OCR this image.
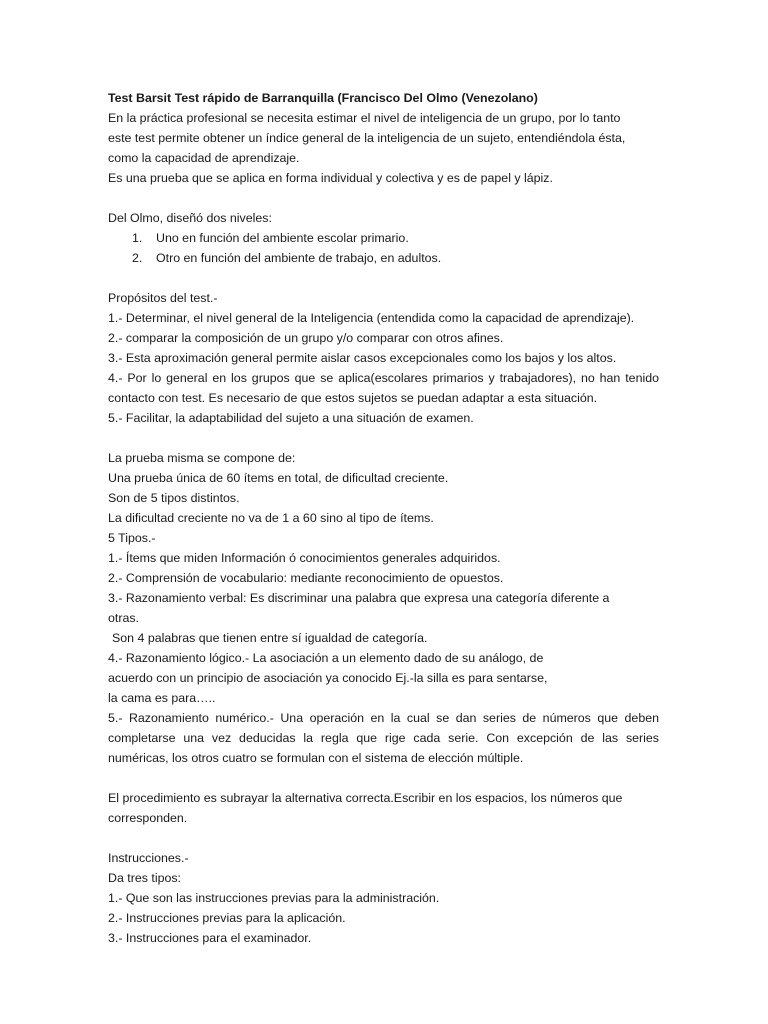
Test Barsit Test rápido de Barranquilla (Francisco Del Olmo (Venezolano)

En la práctica profesional se necesita estimar el nivel de inteligencia de un grupo, por lo tanto

este test permite obtener un índice general de la inteligencia de un sujeto, entendiéndola ésta,

como la capacidad de aprendizaje.

Es una prueba que se aplica en forma individual y colectiva y es de papel y lápiz.

Del Olmo, diseñó dos niveles:

1. Uno en función del ambiente escolar primario.
2. Otro en función del ambiente de trabajo, en adultos.

Propósitos del test.-

1.- Determinar, el nivel general de la Inteligencia (entendida como la capacidad de aprendizaje).

2.- comparar la composición de un grupo y/o comparar con otros afines.

3.- Esta aproximación general permite aislar casos excepcionales como los bajos y los altos.

4.- Por lo general en los grupos que se aplica(escolares primarios y trabajadores), no han tenido contacto con test. Es necesario de que estos sujetos se puedan adaptar a esta situación.

5.- Facilitar, la adaptabilidad del sujeto a una situación de examen.

La prueba misma se compone de:

Una prueba única de 60 ítems en total, de dificultad creciente.

Son de 5 tipos distintos.

La dificultad creciente no va de 1 a 60 sino al tipo de ítems.

5 Tipos.-

1.- Ítems que miden Información ó conocimientos generales adquiridos.

2.- Comprensión de vocabulario: mediante reconocimiento de opuestos.

3.- Razonamiento verbal: Es discriminar una palabra que expresa una categoría diferente a

otras.

Son 4 palabras que tienen entre sí igualdad de categoría.

4.- Razonamiento lógico.- La asociación a un elemento dado de su análogo, de

acuerdo con un principio de asociación ya conocido Ej.-la silla es para sentarse,

la cama es para…..

5.- Razonamiento numérico.- Una operación en la cual se dan series de números que deben completarse una vez deducidas la regla que rige cada serie. Con excepción de las series numéricas, los otros cuatro se formulan con el sistema de elección múltiple.

El procedimiento es subrayar la alternativa correcta.Escribir en los espacios, los números que corresponden.

Instrucciones.-

Da tres tipos:

1.- Que son las instrucciones previas para la administración.

2.- Instrucciones previas para la aplicación.

3.- Instrucciones para el examinador.
